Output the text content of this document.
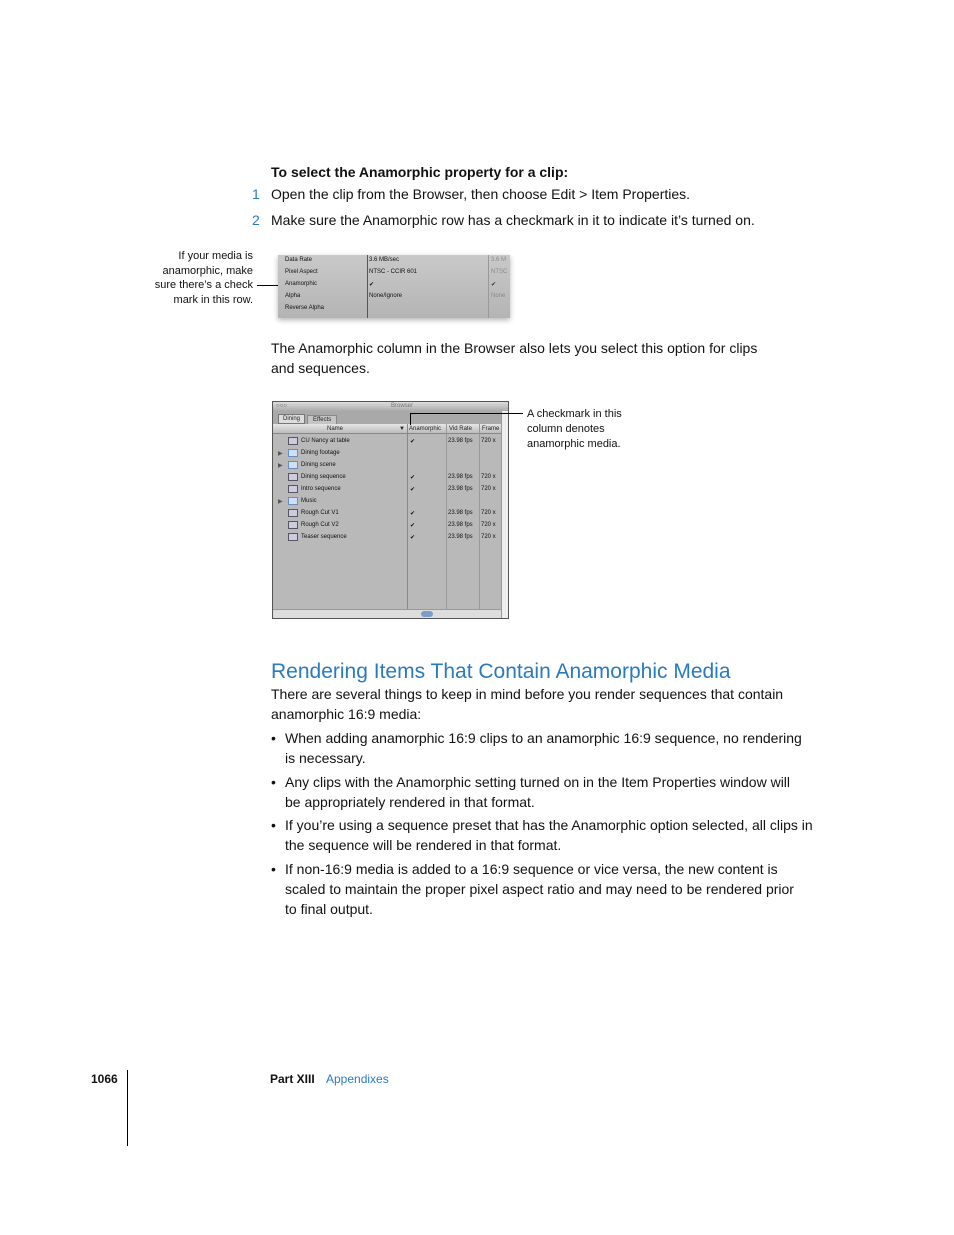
To select the Anamorphic property for a clip:
1 Open the clip from the Browser, then choose Edit > Item Properties.
2 Make sure the Anamorphic row has a checkmark in it to indicate it’s turned on.
If your media is
anamorphic, make
sure there’s a check
mark in this row.
Data Rate	3.6 MB/sec	3.6 M
Pixel Aspect	NTSC - CCIR 601	NTSC
Anamorphic	✔	✔
Alpha	None/Ignore	None
Reverse Alpha
The Anamorphic column in the Browser also lets you select this option for clips
and sequences.
○○○	Browser
Dining	Effects
Name	▼ Anamorphic Vid Rate Frame
CU Nancy at table	✔	23.98 fps 720 x
▶	Dining footage
▶	Dining scene
Dining sequence	✔	23.98 fps 720 x
Intro sequence	✔	23.98 fps 720 x
▶	Music
Rough Cut V1	✔	23.98 fps 720 x
Rough Cut V2	✔	23.98 fps 720 x
Teaser sequence	✔	23.98 fps 720 x
A checkmark in this
column denotes
anamorphic media.
Rendering Items That Contain Anamorphic Media
There are several things to keep in mind before you render sequences that contain
anamorphic 16:9 media:
• When adding anamorphic 16:9 clips to an anamorphic 16:9 sequence, no rendering
is necessary.
• Any clips with the Anamorphic setting turned on in the Item Properties window will
be appropriately rendered in that format.
• If you’re using a sequence preset that has the Anamorphic option selected, all clips in
the sequence will be rendered in that format.
• If non-16:9 media is added to a 16:9 sequence or vice versa, the new content is
scaled to maintain the proper pixel aspect ratio and may need to be rendered prior
to final output.
1066	Part XIII Appendixes
